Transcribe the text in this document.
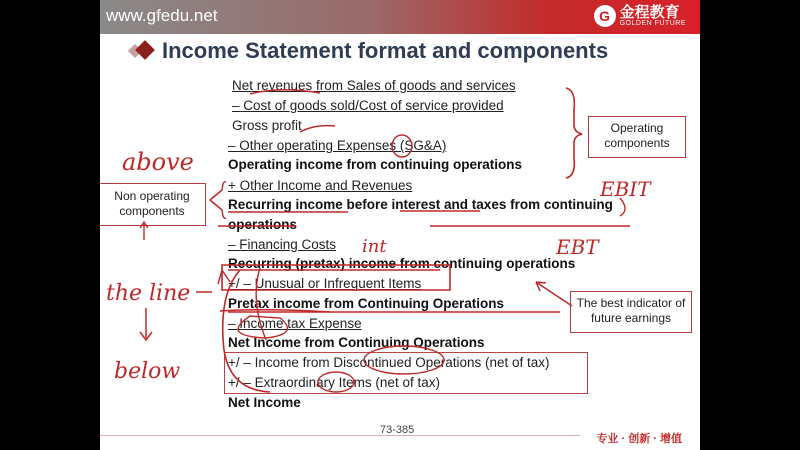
www.gfedu.net	G 金程教育
GOLDEN FUTURE
Income Statement format and components
Net revenues from Sales of goods and services
– Cost of goods sold/Cost of service provided
Gross profit
– Other operating Expenses (SG&A)
Operating income from continuing operations
+ Other Income and Revenues
Recurring income before interest and taxes from continuing
operations
– Financing Costs
Recurring (pretax) income from continuing operations
+/ – Unusual or Infrequent Items
Pretax income from Continuing Operations
– Income tax Expense
Net Income from Continuing Operations
+/ – Income from Discontinued Operations (net of tax)
+/ – Extraordinary Items (net of tax)
Net Income
Operating components
Non operating components
The best indicator of future earnings
above
the line
below
EBIT
EBT
int
73-385
专业 · 创新 · 增值
